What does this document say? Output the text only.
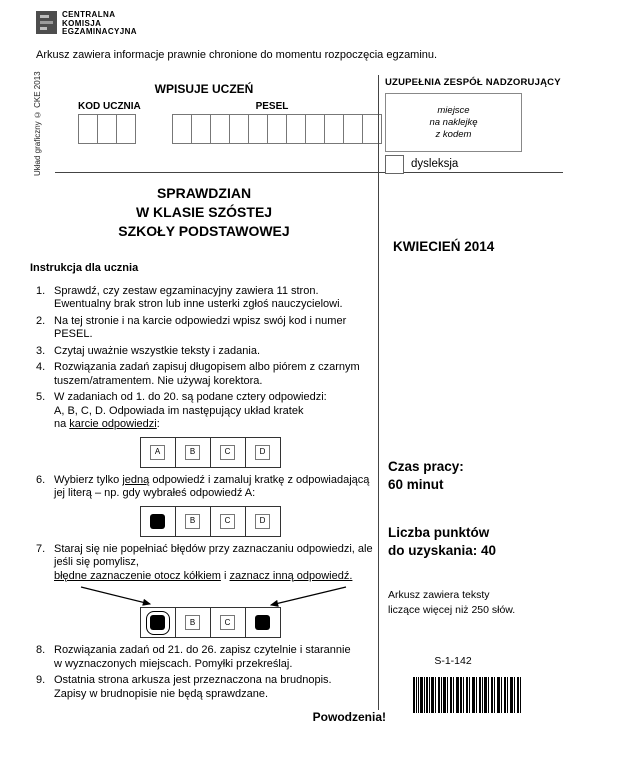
CENTRALNA
KOMISJA
EGZAMINACYJNA
Arkusz zawiera informacje prawnie chronione do momentu rozpoczęcia egzaminu.
Układ graficzny © CKE 2013	WPISUJE UCZEŃ
KOD UCZNIA	PESEL
UZUPEŁNIA ZESPÓŁ NADZORUJĄCY
miejsce
na naklejkę
z kodem
dysleksja
KWIECIEŃ 2014
Czas pracy:
60 minut
Liczba punktów
do uzyskania: 40
Arkusz zawiera teksty
liczące więcej niż 250 słów.
S-1-142
SPRAWDZIAN
W KLASIE SZÓSTEJ
SZKOŁY PODSTAWOWEJ
Instrukcja dla ucznia
1. Sprawdź, czy zestaw egzaminacyjny zawiera 11 stron.
Ewentualny brak stron lub inne usterki zgłoś nauczycielowi.
2. Na tej stronie i na karcie odpowiedzi wpisz swój kod i numer
PESEL.
3. Czytaj uważnie wszystkie teksty i zadania.
4. Rozwiązania zadań zapisuj długopisem albo piórem z czarnym
tuszem/atramentem. Nie używaj korektora.
5. W zadaniach od 1. do 20. są podane cztery odpowiedzi:
A, B, C, D. Odpowiada im następujący układ kratek
na karcie odpowiedzi:
A	B	C	D
6. Wybierz tylko jedną odpowiedź i zamaluj kratkę z odpowiadającą
jej literą – np. gdy wybrałeś odpowiedź A:
B	C	D
7. Staraj się nie popełniać błędów przy zaznaczaniu odpowiedzi, ale
jeśli się pomylisz,
błędne zaznaczenie otocz kółkiem i zaznacz inną odpowiedź.
B	C
8. Rozwiązania zadań od 21. do 26. zapisz czytelnie i starannie
w wyznaczonych miejscach. Pomyłki przekreślaj.
9. Ostatnia strona arkusza jest przeznaczona na brudnopis.
Zapisy w brudnopisie nie będą sprawdzane.
Powodzenia!
